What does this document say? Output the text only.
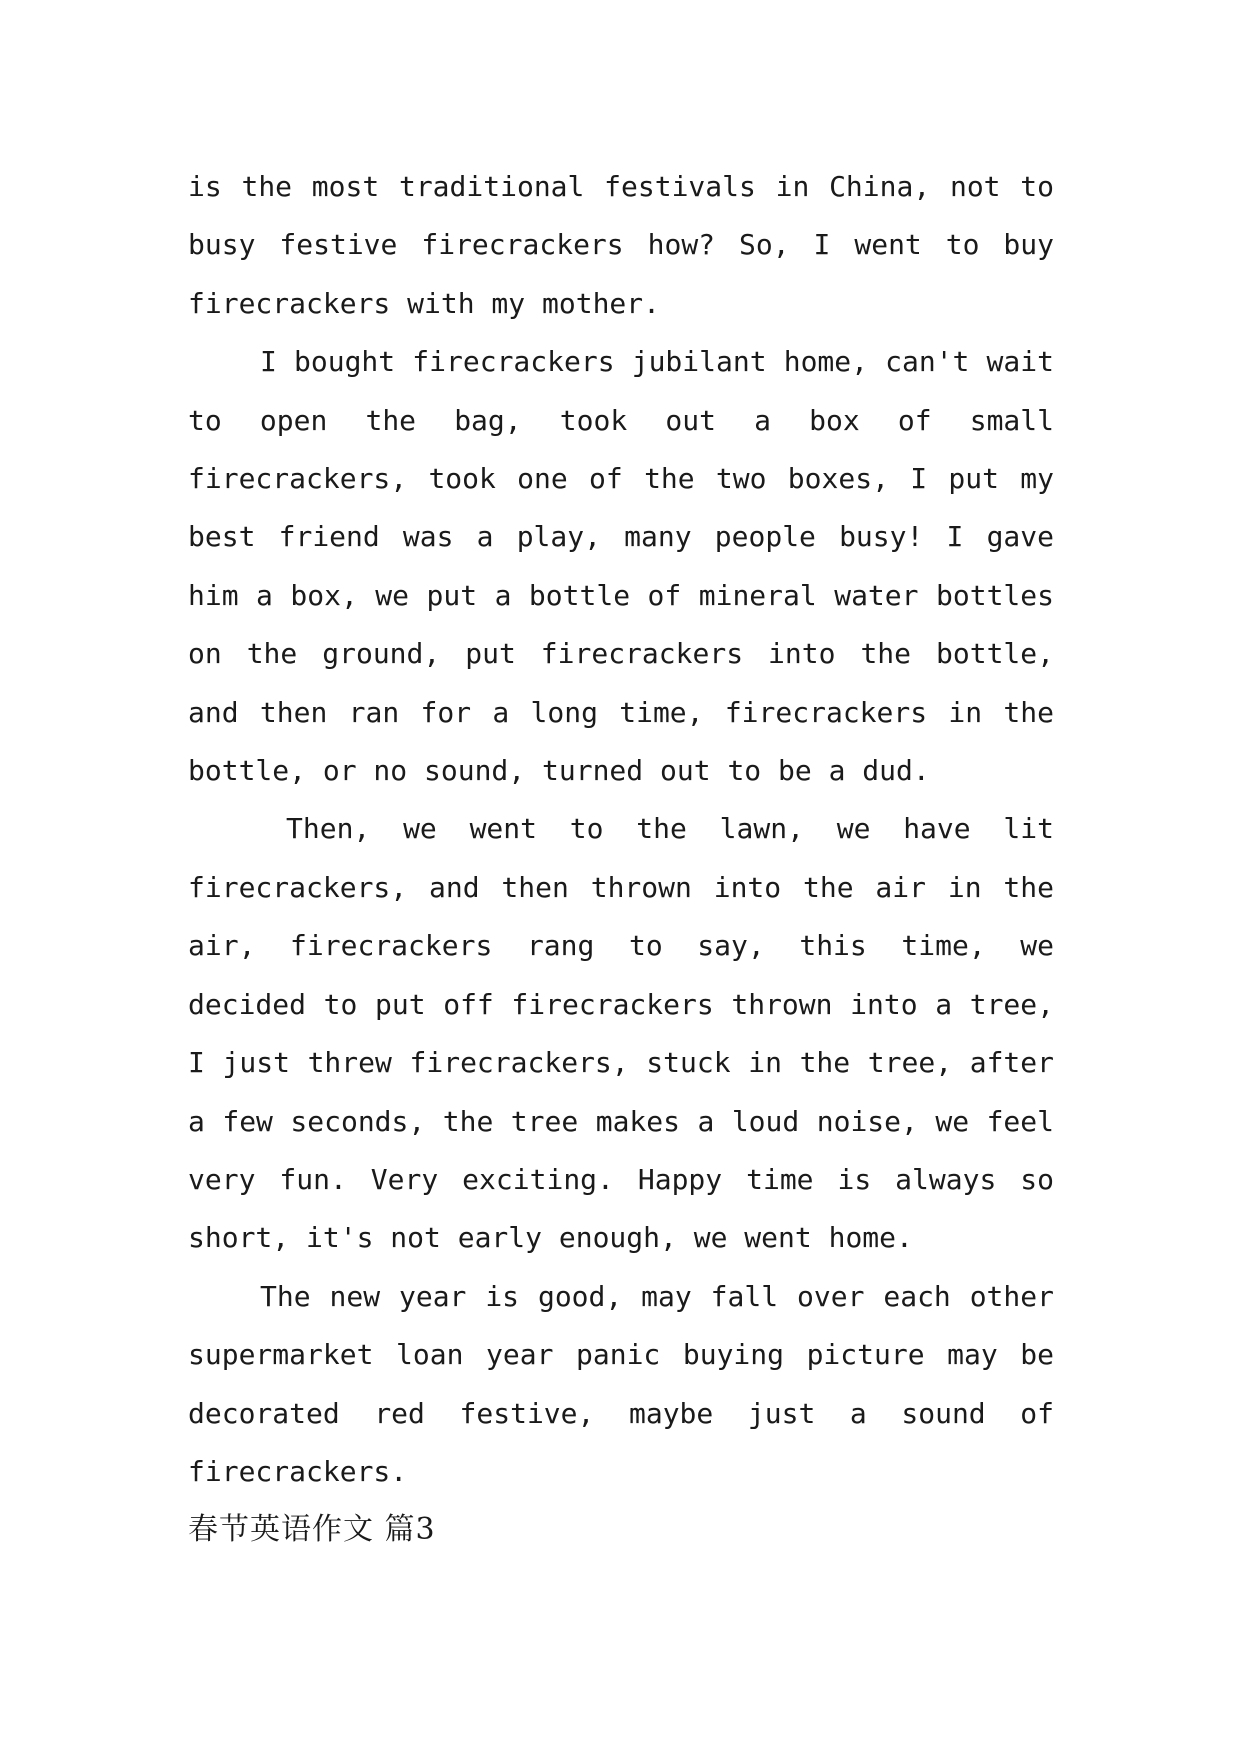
is the most traditional festivals in China, not to busy festive firecrackers how? So, I went to buy firecrackers with my mother.

I bought firecrackers jubilant home, can't wait to open the bag, took out a box of small firecrackers, took one of the two boxes, I put my best friend was a play, many people busy! I gave him a box, we put a bottle of mineral water bottles on the ground, put firecrackers into the bottle, and then ran for a long time, firecrackers in the bottle, or no sound, turned out to be a dud.

Then, we went to the lawn, we have lit firecrackers, and then thrown into the air in the air, firecrackers rang to say, this time, we decided to put off firecrackers thrown into a tree, I just threw firecrackers, stuck in the tree, after a few seconds, the tree makes a loud noise, we feel very fun. Very exciting. Happy time is always so short, it's not early enough, we went home.

The new year is good, may fall over each other supermarket loan year panic buying picture may be decorated red festive, maybe just a sound of firecrackers.

春节英语作文 篇3
